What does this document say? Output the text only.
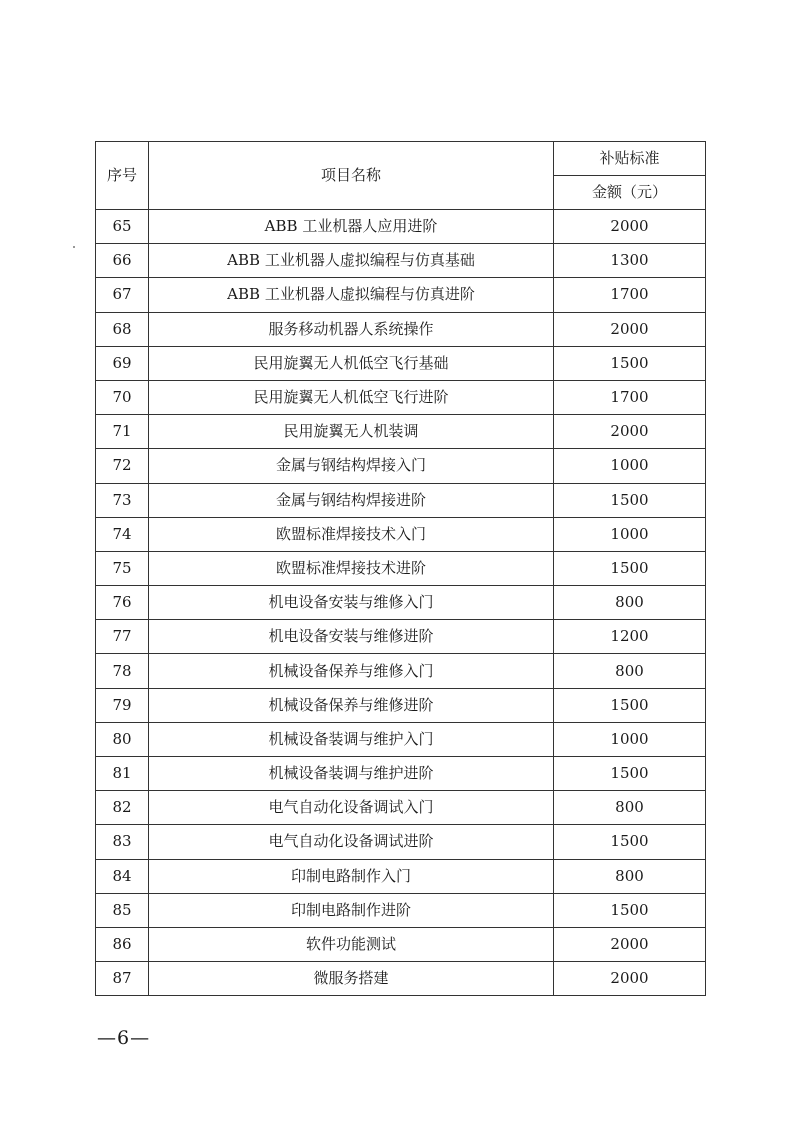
序号	项目名称	补贴标准
		金额（元）
65	ABB 工业机器人应用进阶	2000
66	ABB 工业机器人虚拟编程与仿真基础	1300
67	ABB 工业机器人虚拟编程与仿真进阶	1700
68	服务移动机器人系统操作	2000
69	民用旋翼无人机低空飞行基础	1500
70	民用旋翼无人机低空飞行进阶	1700
71	民用旋翼无人机装调	2000
72	金属与钢结构焊接入门	1000
73	金属与钢结构焊接进阶	1500
74	欧盟标准焊接技术入门	1000
75	欧盟标准焊接技术进阶	1500
76	机电设备安装与维修入门	800
77	机电设备安装与维修进阶	1200
78	机械设备保养与维修入门	800
79	机械设备保养与维修进阶	1500
80	机械设备装调与维护入门	1000
81	机械设备装调与维护进阶	1500
82	电气自动化设备调试入门	800
83	电气自动化设备调试进阶	1500
84	印制电路制作入门	800
85	印制电路制作进阶	1500
86	软件功能测试	2000
87	微服务搭建	2000
—6—
